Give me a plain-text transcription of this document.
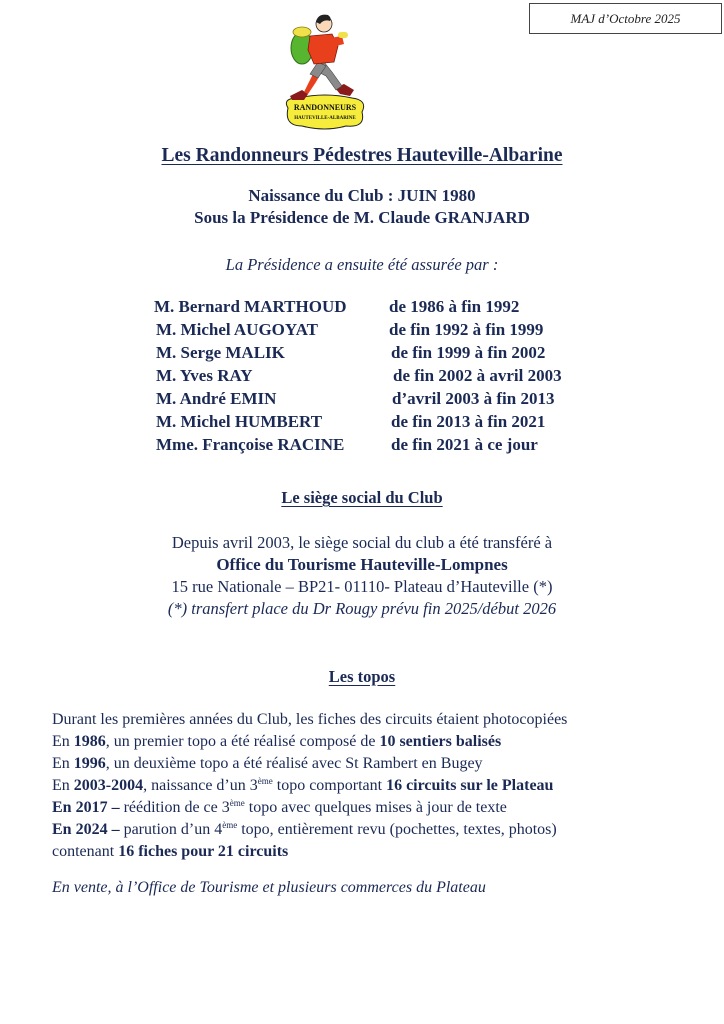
MAJ d’Octobre 2025
RANDONNEURS
HAUTEVILLE-ALBARINE
Les Randonneurs Pédestres Hauteville-Albarine
Naissance du Club : JUIN 1980
Sous la Présidence de M. Claude GRANJARD
La Présidence a ensuite été assurée par :
M. Bernard MARTHOUD de 1986 à fin 1992
M. Michel AUGOYAT	de fin 1992 à fin 1999
M. Serge MALIK	de fin 1999 à fin 2002
M. Yves RAY	de fin 2002 à avril 2003
M. André EMIN	d’avril 2003 à fin 2013
M. Michel HUMBERT	de fin 2013 à fin 2021
Mme. Françoise RACINE	de fin 2021 à ce jour
Le siège social du Club
Depuis avril 2003, le siège social du club a été transféré à
Office du Tourisme Hauteville-Lompnes
15 rue Nationale – BP21- 01110- Plateau d’Hauteville (*)
(*) transfert place du Dr Rougy prévu fin 2025/début 2026
Les topos
Durant les premières années du Club, les fiches des circuits étaient photocopiées
En 1986, un premier topo a été réalisé composé de 10 sentiers balisés
En 1996, un deuxième topo a été réalisé avec St Rambert en Bugey
En 2003-2004, naissance d’un 3ème topo comportant 16 circuits sur le Plateau
En 2017 – réédition de ce 3ème topo avec quelques mises à jour de texte
En 2024 – parution d’un 4ème topo, entièrement revu (pochettes, textes, photos)
contenant 16 fiches pour 21 circuits
En vente, à l’Office de Tourisme et plusieurs commerces du Plateau
